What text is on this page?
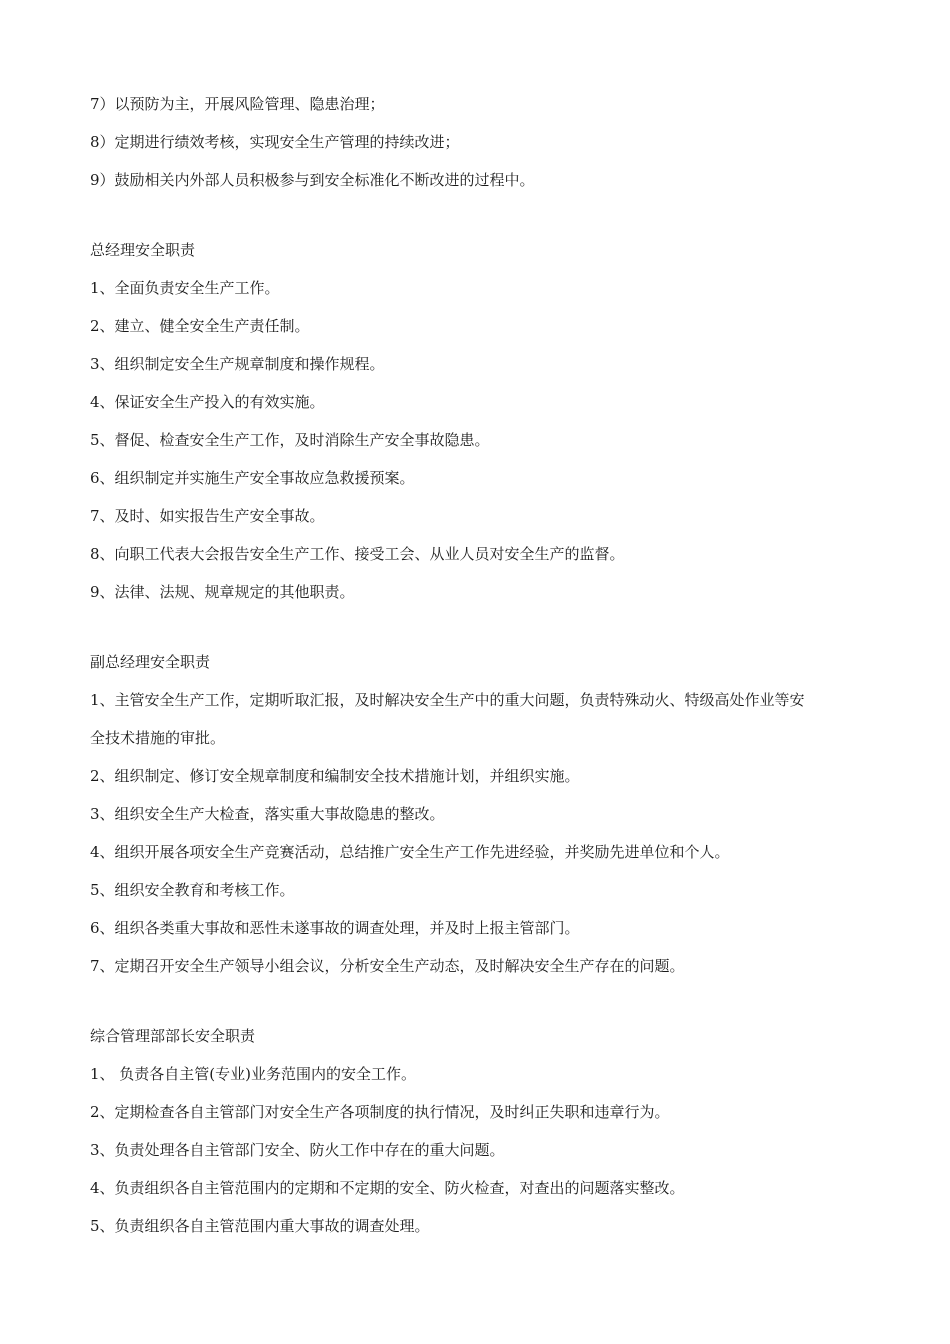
7）以预防为主，开展风险管理、隐患治理；
8）定期进行绩效考核，实现安全生产管理的持续改进；
9）鼓励相关内外部人员积极参与到安全标准化不断改进的过程中。
总经理安全职责
1、全面负责安全生产工作。
2、建立、健全安全生产责任制。
3、组织制定安全生产规章制度和操作规程。
4、保证安全生产投入的有效实施。
5、督促、检查安全生产工作，及时消除生产安全事故隐患。
6、组织制定并实施生产安全事故应急救援预案。
7、及时、如实报告生产安全事故。
8、向职工代表大会报告安全生产工作、接受工会、从业人员对安全生产的监督。
9、法律、法规、规章规定的其他职责。
副总经理安全职责
1、主管安全生产工作，定期听取汇报，及时解决安全生产中的重大问题，负责特殊动火、特级高处作业等安
全技术措施的审批。
2、组织制定、修订安全规章制度和编制安全技术措施计划，并组织实施。
3、组织安全生产大检查，落实重大事故隐患的整改。
4、组织开展各项安全生产竞赛活动，总结推广安全生产工作先进经验，并奖励先进单位和个人。
5、组织安全教育和考核工作。
6、组织各类重大事故和恶性未遂事故的调查处理，并及时上报主管部门。
7、定期召开安全生产领导小组会议，分析安全生产动态，及时解决安全生产存在的问题。
综合管理部部长安全职责
1、 负责各自主管(专业)业务范围内的安全工作。
2、定期检查各自主管部门对安全生产各项制度的执行情况，及时纠正失职和违章行为。
3、负责处理各自主管部门安全、防火工作中存在的重大问题。
4、负责组织各自主管范围内的定期和不定期的安全、防火检查，对查出的问题落实整改。
5、负责组织各自主管范围内重大事故的调查处理。
